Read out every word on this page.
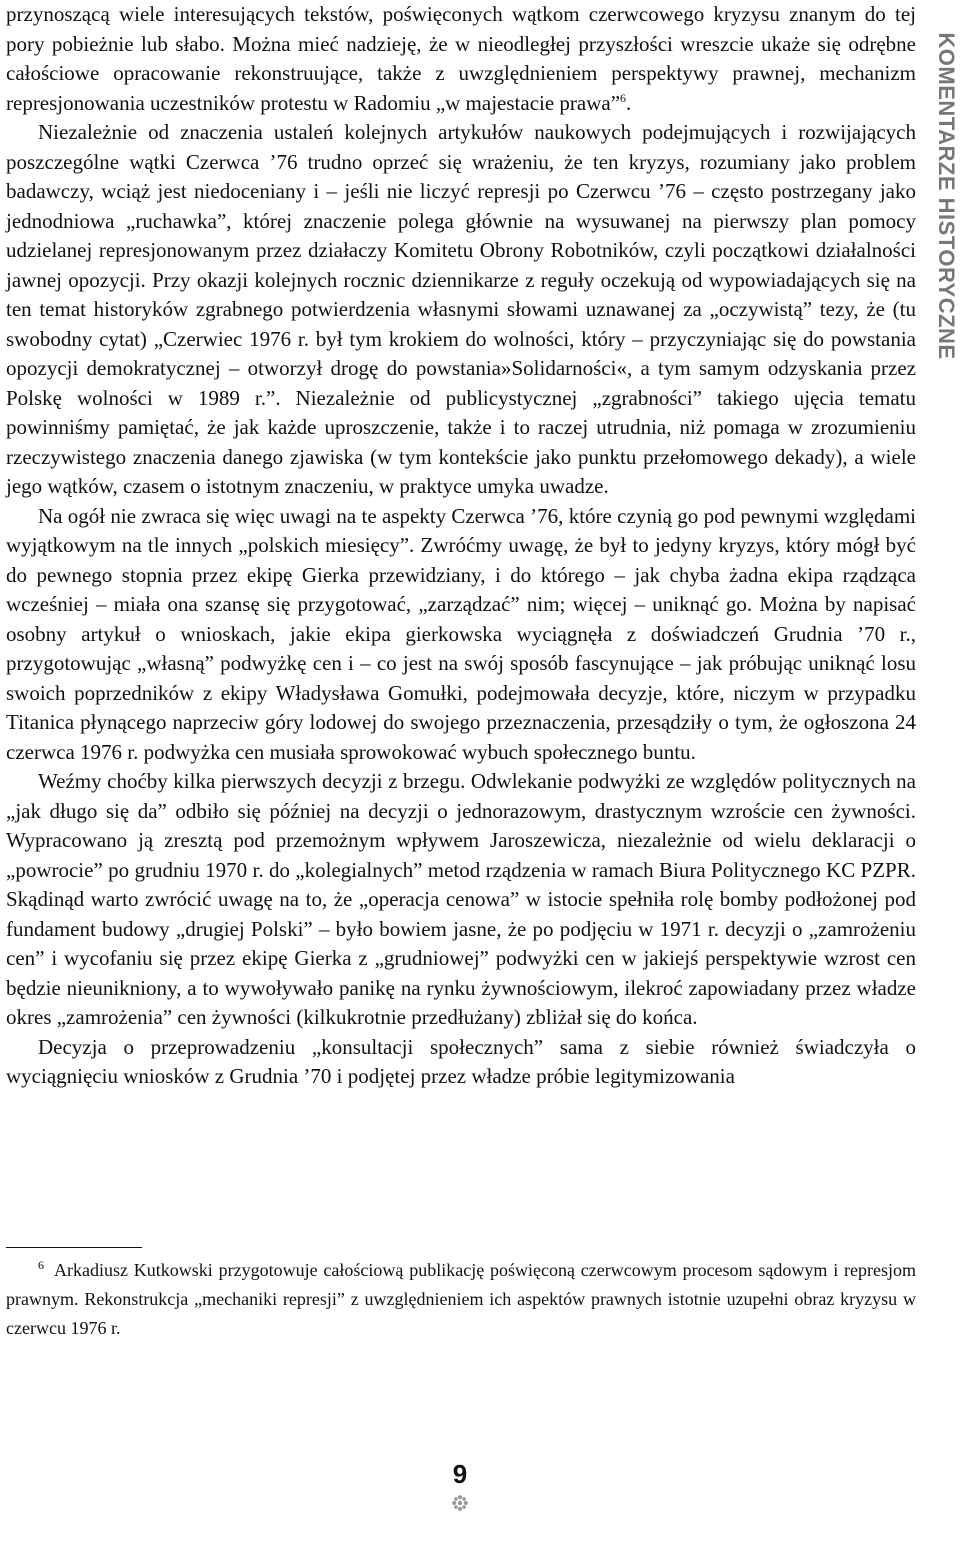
przynoszącą wiele interesujących tekstów, poświęconych wątkom czerwcowego kryzysu znanym do tej pory pobieżnie lub słabo. Można mieć nadzieję, że w nieodległej przyszłości wreszcie ukaże się odrębne całościowe opracowanie rekonstruujące, także z uwzględnieniem perspektywy prawnej, mechanizm represjonowania uczestników protestu w Radomiu „w majestacie prawa”$^6$.

Niezależnie od znaczenia ustaleń kolejnych artykułów naukowych podejmujących i rozwijających poszczególne wątki Czerwca ’76 trudno oprzeć się wrażeniu, że ten kryzys, rozumiany jako problem badawczy, wciąż jest niedoceniany i – jeśli nie liczyć represji po Czerwcu ’76 – często postrzegany jako jednodniowa „ruchawka”, której znaczenie polega głównie na wysuwanej na pierwszy plan pomocy udzielanej represjonowanym przez działaczy Komitetu Obrony Robotników, czyli początkowi działalności jawnej opozycji. Przy okazji kolejnych rocznic dziennikarze z reguły oczekują od wypowiadających się na ten temat historyków zgrabnego potwierdzenia własnymi słowami uznawanej za „oczywistą” tezy, że (tu swobodny cytat) „Czerwiec 1976 r. był tym krokiem do wolności, który – przyczyniając się do powstania opozycji demokratycznej – otworzył drogę do powstania»Solidarności«, a tym samym odzyskania przez Polskę wolności w 1989 r.”. Niezależnie od publicystycznej „zgrabności” takiego ujęcia tematu powinniśmy pamiętać, że jak każde uproszczenie, także i to raczej utrudnia, niż pomaga w zrozumieniu rzeczywistego znaczenia danego zjawiska (w tym kontekście jako punktu przełomowego dekady), a wiele jego wątków, czasem o istotnym znaczeniu, w praktyce umyka uwadze.

Na ogół nie zwraca się więc uwagi na te aspekty Czerwca ’76, które czynią go pod pewnymi względami wyjątkowym na tle innych „polskich miesięcy”. Zwróćmy uwagę, że był to jedyny kryzys, który mógł być do pewnego stopnia przez ekipę Gierka przewidziany, i do którego – jak chyba żadna ekipa rządząca wcześniej – miała ona szansę się przygotować, „zarządzać” nim; więcej – uniknąć go. Można by napisać osobny artykuł o wnioskach, jakie ekipa gierkowska wyciągnęła z doświadczeń Grudnia ’70 r., przygotowując „własną” podwyżkę cen i – co jest na swój sposób fascynujące – jak próbując uniknąć losu swoich poprzedników z ekipy Władysława Gomułki, podejmowała decyzje, które, niczym w przypadku Titanica płynącego naprzeciw góry lodowej do swojego przeznaczenia, przesądziły o tym, że ogłoszona 24 czerwca 1976 r. podwyżka cen musiała sprowokować wybuch społecznego buntu.

Weźmy choćby kilka pierwszych decyzji z brzegu. Odwlekanie podwyżki ze względów politycznych na „jak długo się da” odbiło się później na decyzji o jednorazowym, drastycznym wzroście cen żywności. Wypracowano ją zresztą pod przemożnym wpływem Jaroszewicza, niezależnie od wielu deklaracji o „powrocie” po grudniu 1970 r. do „kolegialnych” metod rządzenia w ramach Biura Politycznego KC PZPR. Skądinąd warto zwrócić uwagę na to, że „operacja cenowa” w istocie spełniła rolę bomby podłożonej pod fundament budowy „drugiej Polski” – było bowiem jasne, że po podjęciu w 1971 r. decyzji o „zamrożeniu cen” i wycofaniu się przez ekipę Gierka z „grudniowej” podwyżki cen w jakiejś perspektywie wzrost cen będzie nieunikniony, a to wywoływało panikę na rynku żywnościowym, ilekroć zapowiadany przez władze okres „zamrożenia” cen żywności (kilkukrotnie przedłużany) zbliżał się do końca.

Decyzja o przeprowadzeniu „konsultacji społecznych” sama z siebie również świadczyła o wyciągnięciu wniosków z Grudnia ’70 i podjętej przez władze próbie legitymizowania

$^6$ Arkadiusz Kutkowski przygotowuje całościową publikację poświęconą czerwcowym procesom sądowym i represjom prawnym. Rekonstrukcja „mechaniki represji” z uwzględnieniem ich aspektów prawnych istotnie uzupełni obraz kryzysu w czerwcu 1976 r.

KOMENTARZE HISTORYCZNE
9
